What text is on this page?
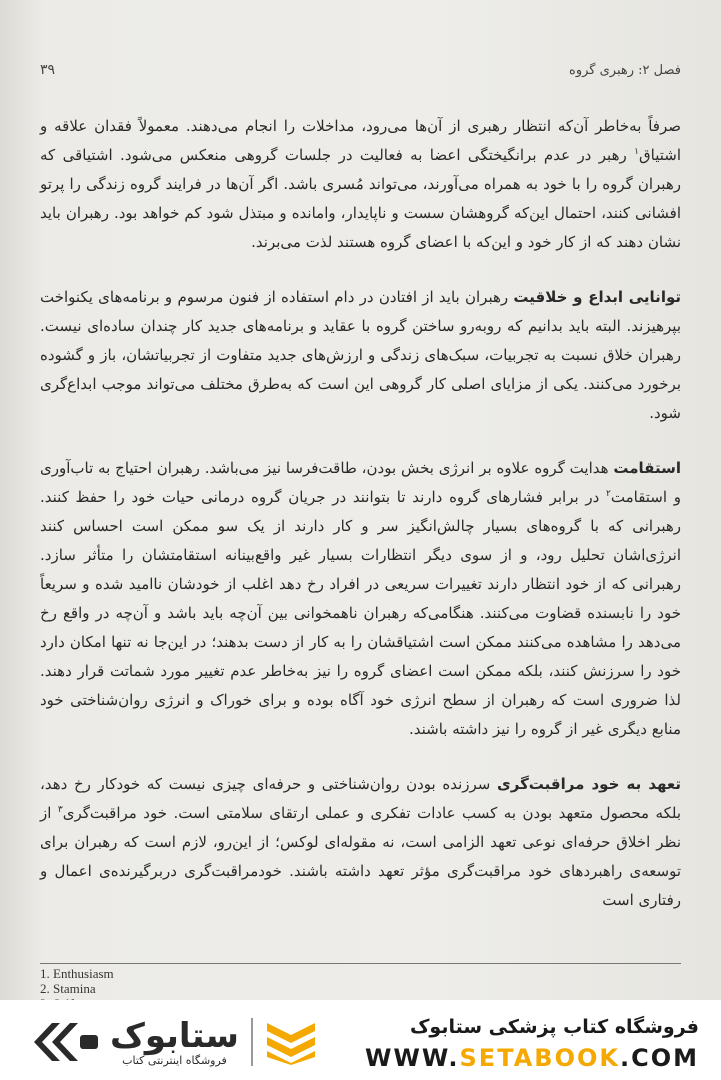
۳۹	فصل ۲: رهبری گروه

صرفاً به‌خاطر آن‌که انتظار رهبری از آن‌ها می‌رود، مداخلات را انجام می‌دهند. معمولاً فقدان علاقه و اشتیاق$^۱$ رهبر در عدم برانگیختگی اعضا به فعالیت در جلسات گروهی منعکس می‌شود. اشتیاقی که رهبران گروه را با خود به همراه می‌آورند، می‌تواند مُسری باشد. اگر آن‌ها در فرایند گروه زندگی را پرتو افشانی کنند، احتمال این‌که گروهشان سست و ناپایدار، وامانده و مبتذل شود کم خواهد بود. رهبران باید نشان دهند که از کار خود و این‌که با اعضای گروه هستند لذت می‌برند.

توانایی ابداع و خلاقیت رهبران باید از افتادن در دام استفاده از فنون مرسوم و برنامه‌های یکنواخت بپرهیزند. البته باید بدانیم که روبه‌رو ساختن گروه با عقاید و برنامه‌های جدید کار چندان ساده‌ای نیست. رهبران خلاق نسبت به تجربیات، سبک‌های زندگی و ارزش‌های جدید متفاوت از تجربیاتشان، باز و گشوده برخورد می‌کنند. یکی از مزایای اصلی کار گروهی این است که به‌طرق مختلف می‌تواند موجب ابداع‌گری شود.

استقامت هدایت گروه علاوه بر انرژی بخش بودن، طاقت‌فرسا نیز می‌باشد. رهبران احتیاج به تاب‌آوری و استقامت$^۲$ در برابر فشارهای گروه دارند تا بتوانند در جریان گروه درمانی حیات خود را حفظ کنند. رهبرانی که با گروه‌های بسیار چالش‌انگیز سر و کار دارند از یک سو ممکن است احساس کنند انرژی‌اشان تحلیل رود، و از سوی دیگر انتظارات بسیار غیر واقع‌بینانه استقامتشان را متأثر سازد. رهبرانی که از خود انتظار دارند تغییرات سریعی در افراد رخ دهد اغلب از خودشان ناامید شده و سریعاً خود را نابسنده قضاوت می‌کنند. هنگامی‌که رهبران ناهمخوانی بین آن‌چه باید باشد و آن‌چه در واقع رخ می‌دهد را مشاهده می‌کنند ممکن است اشتیاقشان را به کار از دست بدهند؛ در این‌جا نه تنها امکان دارد خود را سرزنش کنند، بلکه ممکن است اعضای گروه را نیز به‌خاطر عدم تغییر مورد شماتت قرار دهند. لذا ضروری است که رهبران از سطح انرژی خود آگاه بوده و برای خوراک و انرژی روان‌شناختی خود منابع دیگری غیر از گروه را نیز داشته باشند.

تعهد به خود مراقبت‌گری سرزنده بودن روان‌شناختی و حرفه‌ای چیزی نیست که خودکار رخ دهد، بلکه محصول متعهد بودن به کسب عادات تفکری و عملی ارتقای سلامتی است. خود مراقبت‌گری$^۳$ از نظر اخلاق حرفه‌ای نوعی تعهد الزامی است، نه مقوله‌ای لوکس؛ از این‌رو، لازم است که رهبران برای توسعه‌ی راهبردهای خود مراقبت‌گری مؤثر تعهد داشته باشند. خودمراقبت‌گری دربرگیرنده‌ی اعمال و رفتاری است

1. Enthusiasm
2. Stamina
ستابوک
فروشگاه اینترنتی کتاب
فروشگاه کتاب پزشکی ستابوک
WWW.SETABOOK.COM
